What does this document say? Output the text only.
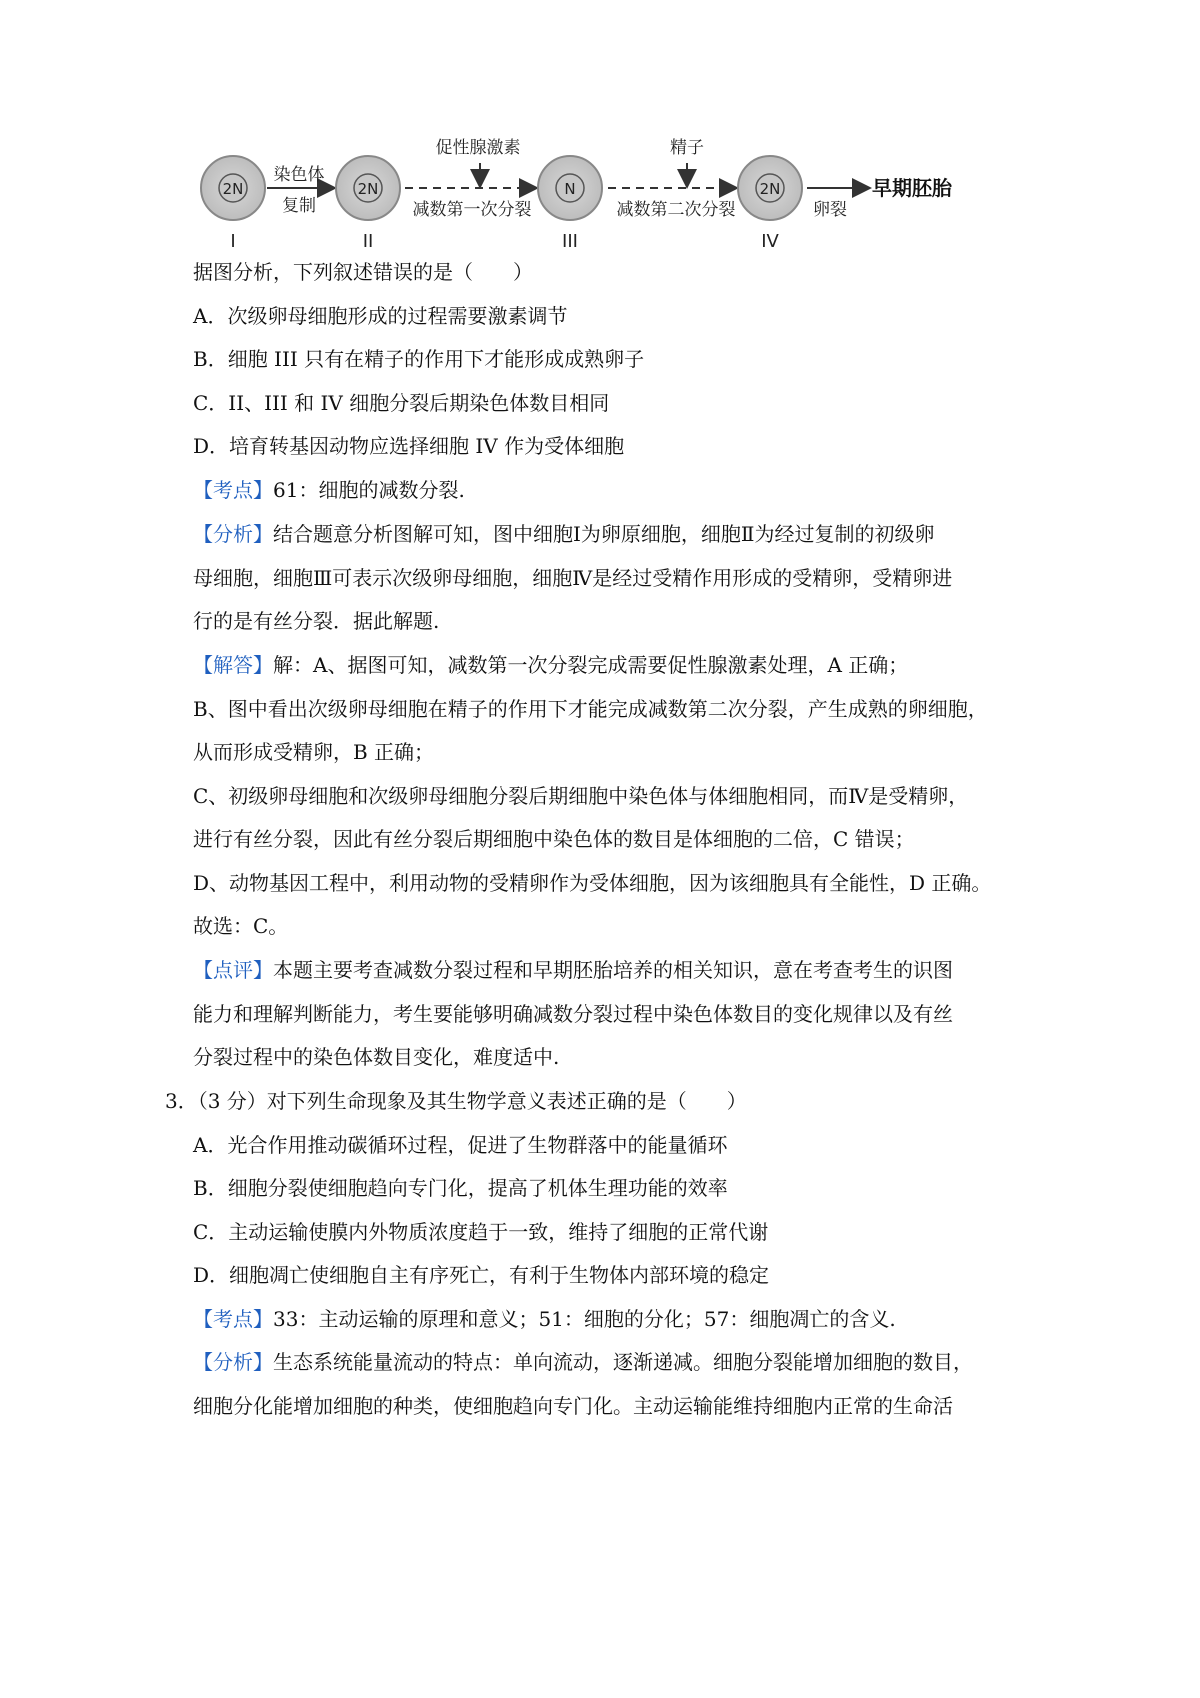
2N
I
染色体
复制
2N
II
促性腺激素
减数第一次分裂
N
III
精子
减数第二次分裂
2N
IV
卵裂
早期胚胎
据图分析，下列叙述错误的是（　　）
A．次级卵母细胞形成的过程需要激素调节
B．细胞 III 只有在精子的作用下才能形成成熟卵子
C．II、III 和 IV 细胞分裂后期染色体数目相同
D．培育转基因动物应选择细胞 IV 作为受体细胞
【考点】61：细胞的减数分裂.
【分析】结合题意分析图解可知，图中细胞Ⅰ为卵原细胞，细胞Ⅱ为经过复制的初级卵
母细胞，细胞Ⅲ可表示次级卵母细胞，细胞Ⅳ是经过受精作用形成的受精卵，受精卵进
行的是有丝分裂．据此解题.
【解答】解：A、据图可知，减数第一次分裂完成需要促性腺激素处理，A 正确；
B、图中看出次级卵母细胞在精子的作用下才能完成减数第二次分裂，产生成熟的卵细胞，
从而形成受精卵，B 正确；
C、初级卵母细胞和次级卵母细胞分裂后期细胞中染色体与体细胞相同，而Ⅳ是受精卵，
进行有丝分裂，因此有丝分裂后期细胞中染色体的数目是体细胞的二倍，C 错误；
D、动物基因工程中，利用动物的受精卵作为受体细胞，因为该细胞具有全能性，D 正确。
故选：C。
【点评】本题主要考查减数分裂过程和早期胚胎培养的相关知识，意在考查考生的识图
能力和理解判断能力，考生要能够明确减数分裂过程中染色体数目的变化规律以及有丝
分裂过程中的染色体数目变化，难度适中.
3．（3 分）对下列生命现象及其生物学意义表述正确的是（　　）
A．光合作用推动碳循环过程，促进了生物群落中的能量循环
B．细胞分裂使细胞趋向专门化，提高了机体生理功能的效率
C．主动运输使膜内外物质浓度趋于一致，维持了细胞的正常代谢
D．细胞凋亡使细胞自主有序死亡，有利于生物体内部环境的稳定
【考点】33：主动运输的原理和意义；51：细胞的分化；57：细胞凋亡的含义.
【分析】生态系统能量流动的特点：单向流动，逐渐递减。细胞分裂能增加细胞的数目，
细胞分化能增加细胞的种类，使细胞趋向专门化。主动运输能维持细胞内正常的生命活
